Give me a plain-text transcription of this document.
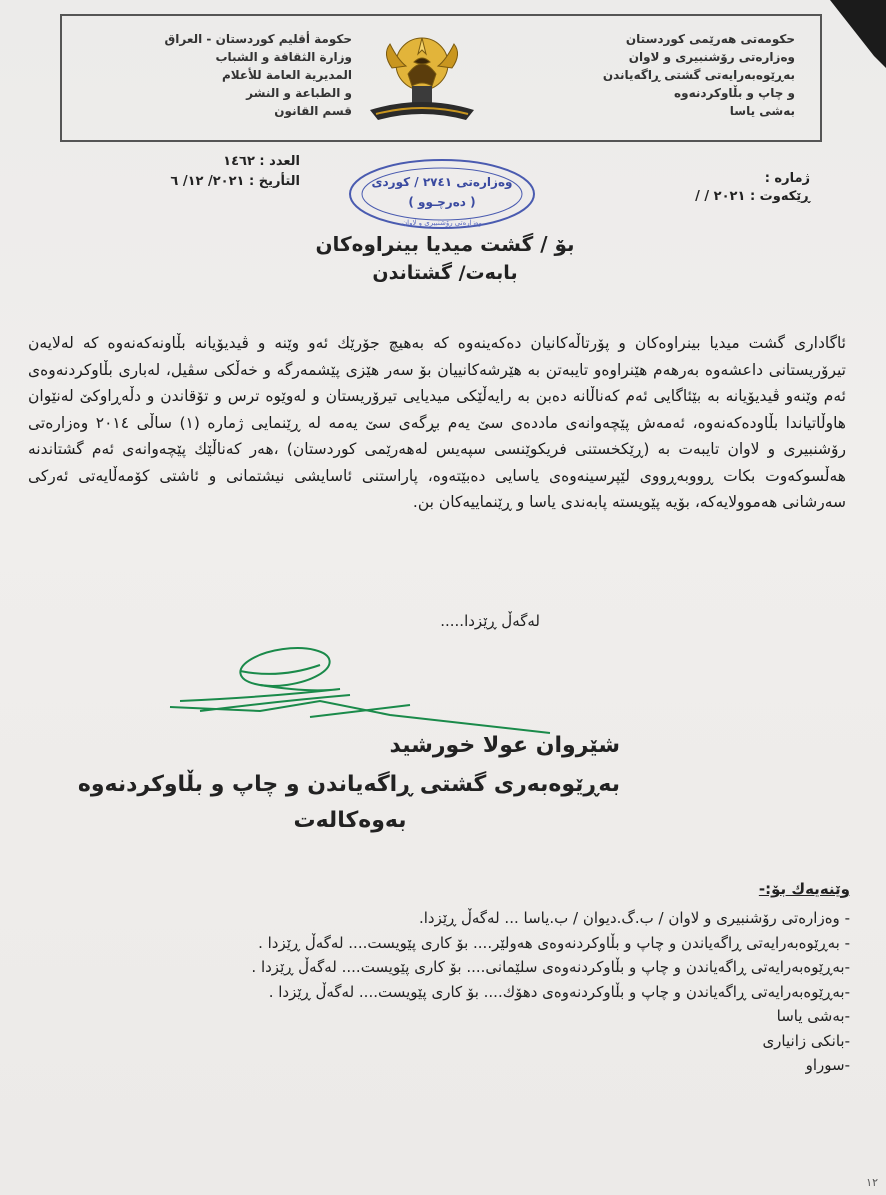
حكومة أقليم كوردستان - العراق
وزارة الثقافة و الشباب
المديرية العامة للأعلام
و الطباعة و النشر
قسم القانون
حکومەتی هەرێمی کوردستان
وەزارەتی رۆشنبیری و لاوان
بەڕێوەبەرایەتی گشتی ڕاگەیاندن
و چاپ و بڵاوکردنەوە
بەشی یاسا
العدد : ١٤٦٢
التأريخ : ٢٠٢١/ ١٢/ ٦	وەزارەتی ٢٧٤١ / کوردی
( دەرچـوو )
وەزارەتی رۆشنبیری و لاوان
ژمارە :
ڕێکەوت : ٢٠٢١ / /
بۆ / گشت میدیا بینراوەکان
بابەت/ گشتاندن
ئاگاداری گشت میدیا بینراوەکان و پۆرتاڵەکانیان دەکەینەوە کە بەهیچ جۆرێك ئەو وێنە و ڤیدیۆیانە بڵاونەکەنەوە کە لەلایەن تیرۆریستانی داعشەوە بەرهەم هێنراوەو تایبەتن بە هێرشەکانییان بۆ سەر هێزی پێشمەرگە و خەڵکی سڤیل، لەباری بڵاوکردنەوەی ئەم وێنەو ڤیدیۆیانە بە بێئاگایی ئەم کەناڵانە دەبن بە رایەڵێکی میدیایی تیرۆریستان و لەوێوە ترس و تۆقاندن و دڵەڕاوکێ لەنێوان هاوڵاتیاندا بڵاودەکەنەوە، ئەمەش پێچەوانەی ماددەی سێ یەم بڕگەی سێ یەمە لە ڕێنمایی ژمارە (١) ساڵی ٢٠١٤ وەزارەتی رۆشنبیری و لاوان تایبەت بە (ڕێکخستنی فریکوێنسی سپەیس لەهەرێمی کوردستان) ،هەر کەناڵێك پێچەوانەی ئەم گشتاندنە هەڵسوکەوت بکات ڕووبەڕووی لێپرسینەوەی یاسایی دەبێتەوە، پاراستنی ئاسایشی نیشتمانی و ئاشتی کۆمەڵایەتی ئەرکی سەرشانی هەموولایەکە، بۆیە پێویستە پابەندی یاسا و ڕێنماییەکان بن.
لەگەڵ ڕێزدا.....
شێروان عولا خورشید
بەڕێوەبەری گشتی ڕاگەیاندن و چاپ و بڵاوکردنەوە
بەوەکالەت
وێنەیەك بۆ:-
- وەزارەتی رۆشنبیری و لاوان / ب.گ.دیوان / ب.یاسا ... لەگەڵ ڕێزدا.
- بەڕێوەبەرایەتی ڕاگەیاندن و چاپ و بڵاوکردنەوەی هەولێر.... بۆ کاری پێویست.... لەگەڵ ڕێزدا .
-بەڕێوەبەرایەتی ڕاگەیاندن و چاپ و بڵاوکردنەوەی سلێمانی.... بۆ کاری پێویست.... لەگەڵ ڕێزدا .
-بەڕێوەبەرایەتی ڕاگەیاندن و چاپ و بڵاوکردنەوەی دهۆك.... بۆ کاری پێویست.... لەگەڵ ڕێزدا .
-بەشی یاسا
-بانکی زانیاری
-سوراو
١٢
